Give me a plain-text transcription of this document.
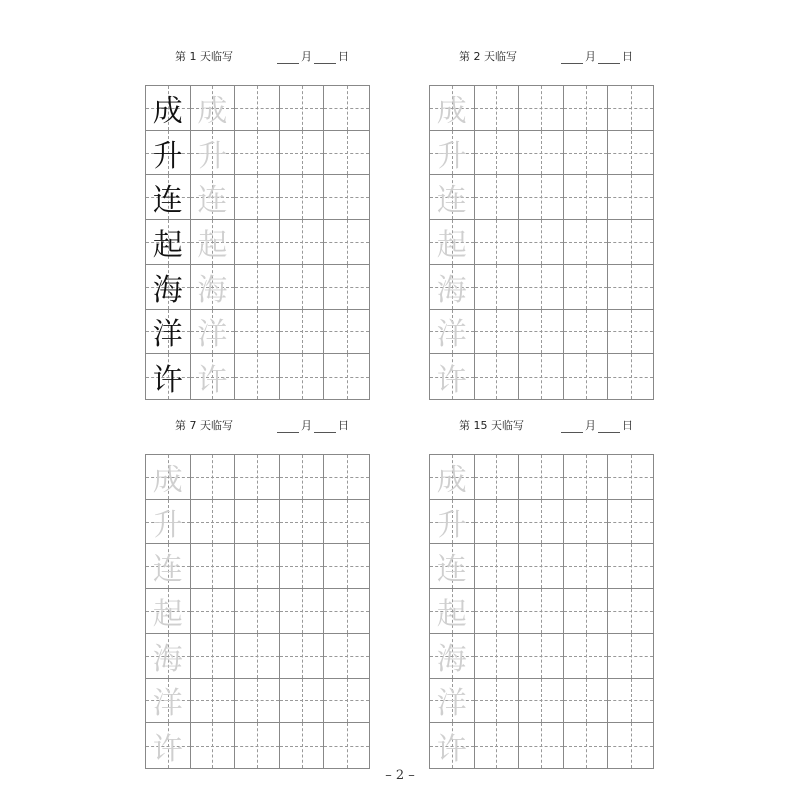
第 1 天临写	月 日
成 成
升 升
连 连
起 起
海 海
洋 洋
许 许
第 2 天临写	月 日
成
升
连
起
海
洋
许
第 7 天临写	月 日
成
升
连
起
海
洋
许
第 15 天临写	月 日
成
升
连
起
海
洋
许
– 2 –
